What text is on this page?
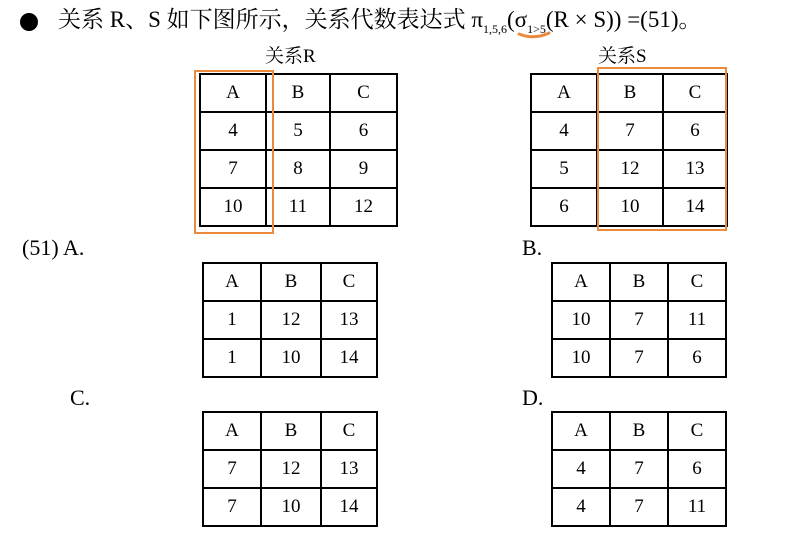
关系 R、S 如下图所示，关系代数表达式 $\pi_{1,5,6}(\sigma_{1>5}(R \times S)) =(51)$。
关系R	关系S
A	B	C
4	5	6
7	8	9
10	11	12
A	B	C
4	7	6
5	12	13
6	10	14
(51) A.	B.
C.	D.
A	B	C
1	12	13
1	10	14
A	B	C
10	7	11
10	7	6
A	B	C
7	12	13
7	10	14
A	B	C
4	7	6
4	7	11
